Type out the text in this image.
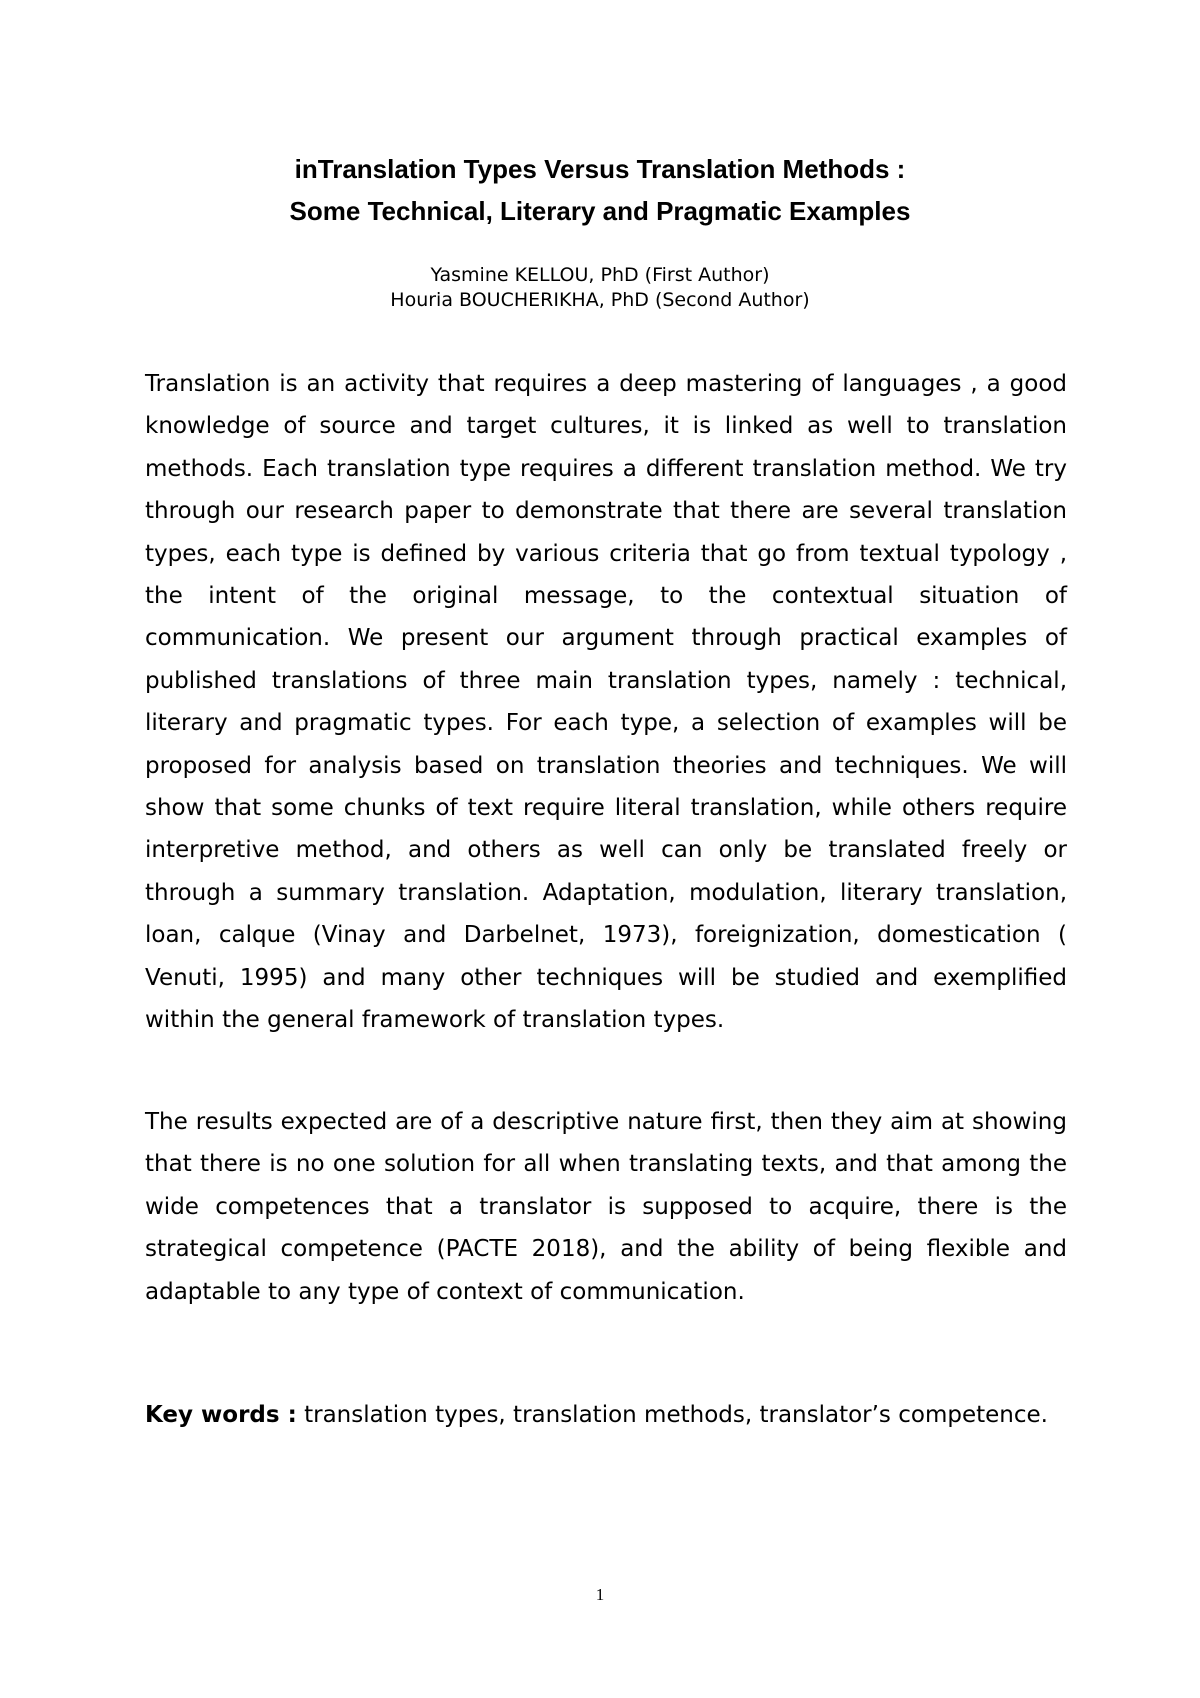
inTranslation Types Versus Translation Methods :
Some Technical, Literary and Pragmatic Examples
Yasmine KELLOU, PhD (First Author)
Houria BOUCHERIKHA, PhD (Second Author)

Translation is an activity that requires a deep mastering of languages , a good knowledge of source and target cultures, it is linked as well to translation methods. Each translation type requires a different translation method. We try through our research paper to demonstrate that there are several translation types, each type is defined by various criteria that go from textual typology , the intent of the original message, to the contextual situation of communication. We present our argument through practical examples of published translations of three main translation types, namely : technical, literary and pragmatic types. For each type, a selection of examples will be proposed for analysis based on translation theories and techniques. We will show that some chunks of text require literal translation, while others require interpretive method, and others as well can only be translated freely or through a summary translation. Adaptation, modulation, literary translation, loan, calque (Vinay and Darbelnet, 1973), foreignization, domestication ( Venuti, 1995) and many other techniques will be studied and exemplified within the general framework of translation types.

The results expected are of a descriptive nature first, then they aim at showing that there is no one solution for all when translating texts, and that among the wide competences that a translator is supposed to acquire, there is the strategical competence (PACTE 2018), and the ability of being flexible and adaptable to any type of context of communication.

Key words : translation types, translation methods, translator’s competence.

1
